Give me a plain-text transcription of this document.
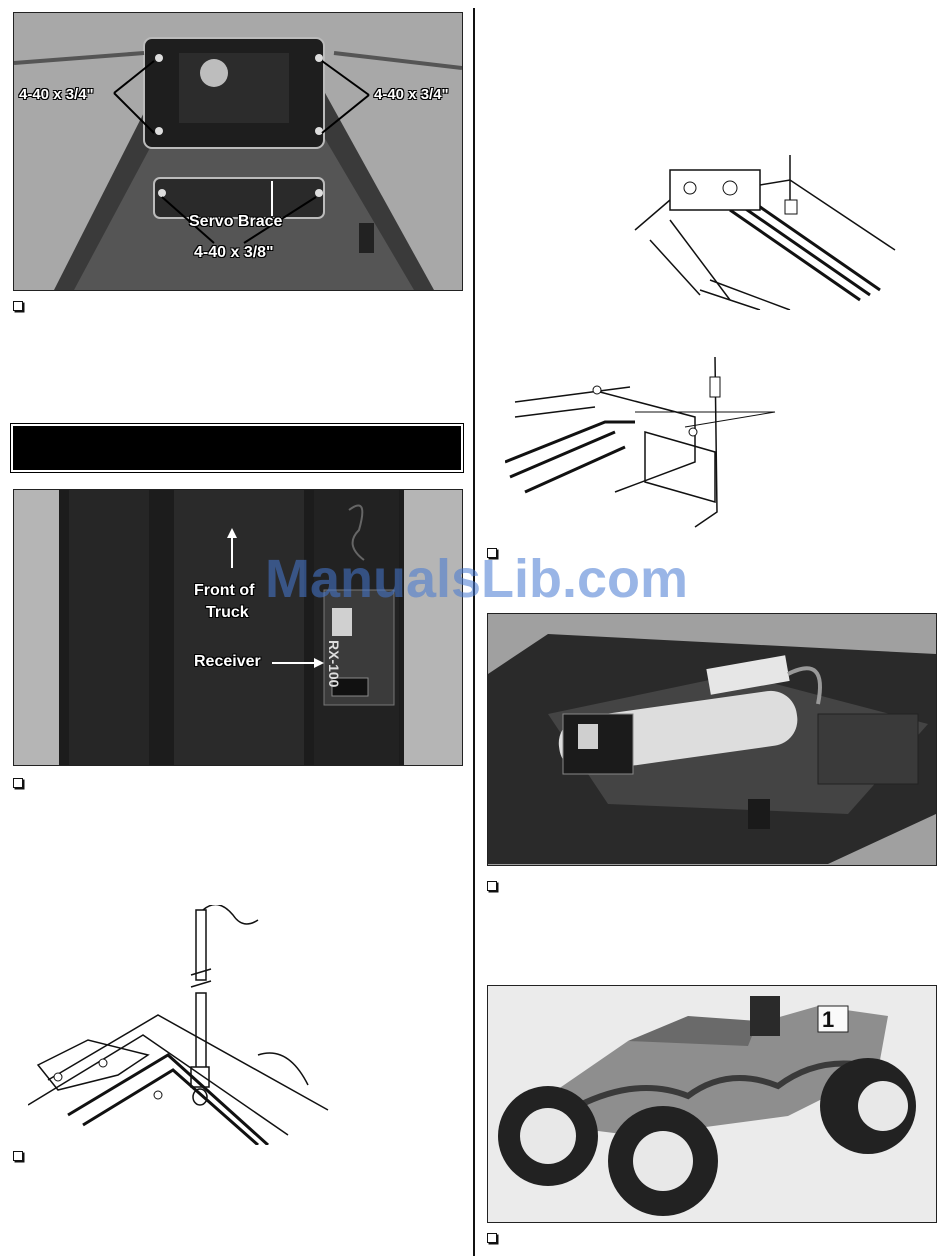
4-40 x 3/4"	4-40 x 3/4"
Servo Brace
4-40 x 3/8"
Front of
Truck
Receiver	RX-100
1
ManualsLib.com
